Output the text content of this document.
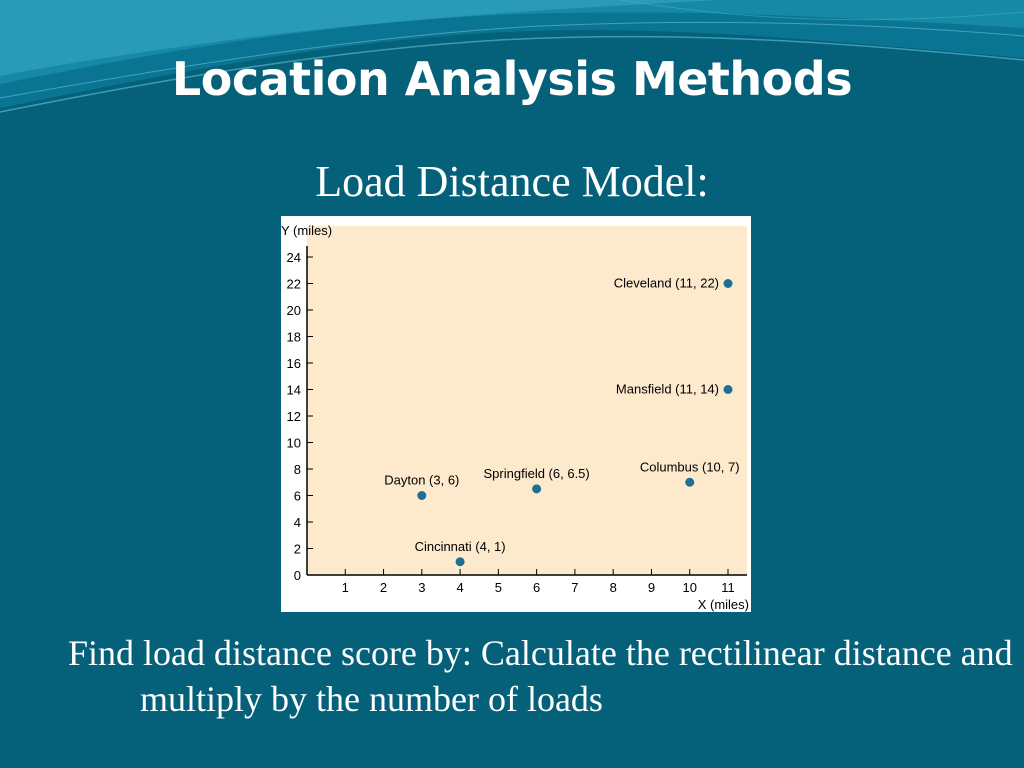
Location Analysis Methods
Load Distance Model:
0
2
4
6
8
10
12
14
16
18
20
22
24
1 2 3 4 5 6 7 8 9 10 11
Cleveland (11, 22)
Mansfield (11, 14)
Columbus (10, 7)
Springfield (6, 6.5)
Dayton (3, 6)
Cincinnati (4, 1)
Y (miles)
X (miles)
Find load distance score by: Calculate the rectilinear distance and multiply by the number of loads
